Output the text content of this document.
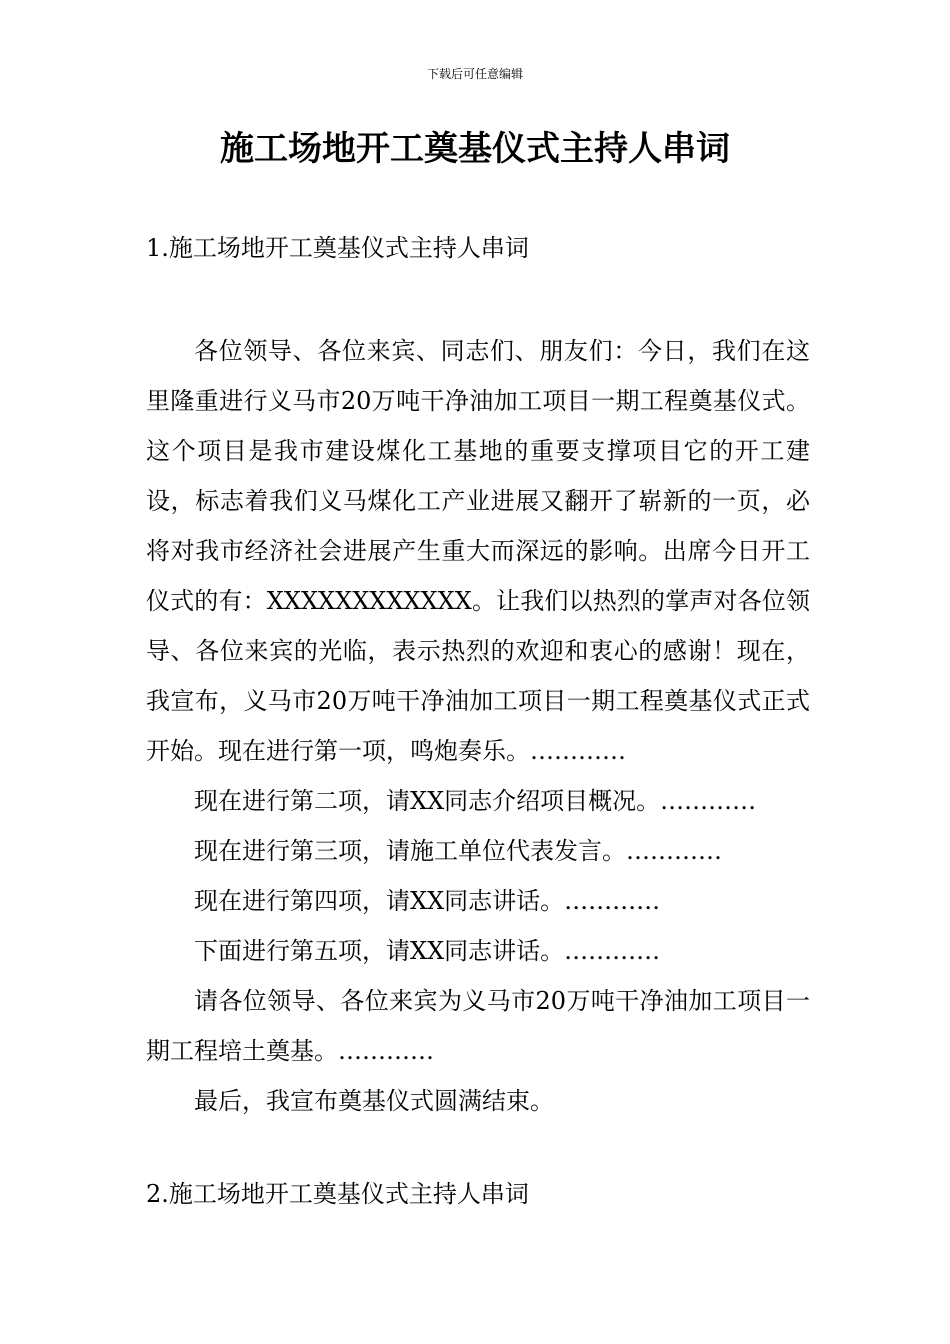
下载后可任意编辑
施工场地开工奠基仪式主持人串词
1.施工场地开工奠基仪式主持人串词

各位领导、各位来宾、同志们、朋友们：今日，我们在这里隆重进行义马市20万吨干净油加工项目一期工程奠基仪式。这个项目是我市建设煤化工基地的重要支撑项目它的开工建设，标志着我们义马煤化工产业进展又翻开了崭新的一页，必将对我市经济社会进展产生重大而深远的影响。出席今日开工仪式的有：XXXXXXXXXXXX。让我们以热烈的掌声对各位领导、各位来宾的光临，表示热烈的欢迎和衷心的感谢！现在，我宣布，义马市20万吨干净油加工项目一期工程奠基仪式正式开始。现在进行第一项，鸣炮奏乐。…………

现在进行第二项，请XX同志介绍项目概况。…………

现在进行第三项，请施工单位代表发言。…………

现在进行第四项，请XX同志讲话。…………

下面进行第五项，请XX同志讲话。…………

请各位领导、各位来宾为义马市20万吨干净油加工项目一期工程培土奠基。…………

最后，我宣布奠基仪式圆满结束。

2.施工场地开工奠基仪式主持人串词
